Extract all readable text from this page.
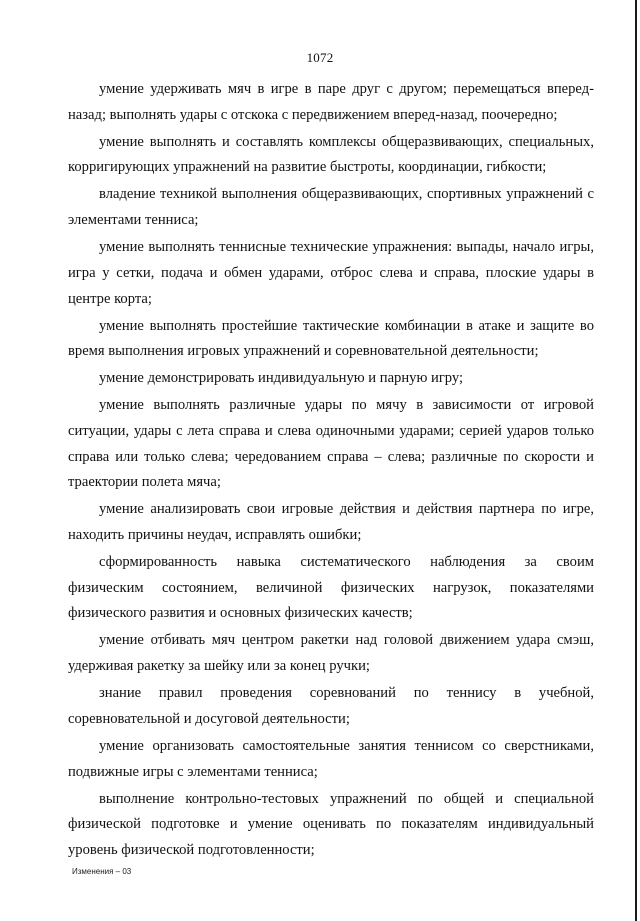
1072

умение удерживать мяч в игре в паре друг с другом; перемещаться вперед-назад; выполнять удары с отскока с передвижением вперед-назад, поочередно;

умение выполнять и составлять комплексы общеразвивающих, специальных, корригирующих упражнений на развитие быстроты, координации, гибкости;

владение техникой выполнения общеразвивающих, спортивных упражнений с элементами тенниса;

умение выполнять теннисные технические упражнения: выпады, начало игры, игра у сетки, подача и обмен ударами, отброс слева и справа, плоские удары в центре корта;

умение выполнять простейшие тактические комбинации в атаке и защите во время выполнения игровых упражнений и соревновательной деятельности;

умение демонстрировать индивидуальную и парную игру;

умение выполнять различные удары по мячу в зависимости от игровой ситуации, удары с лета справа и слева одиночными ударами; серией ударов только справа или только слева; чередованием справа – слева; различные по скорости и траектории полета мяча;

умение анализировать свои игровые действия и действия партнера по игре, находить причины неудач, исправлять ошибки;

сформированность навыка систематического наблюдения за своим физическим состоянием, величиной физических нагрузок, показателями физического развития и основных физических качеств;

умение отбивать мяч центром ракетки над головой движением удара смэш, удерживая ракетку за шейку или за конец ручки;

знание правил проведения соревнований по теннису в учебной, соревновательной и досуговой деятельности;

умение организовать самостоятельные занятия теннисом со сверстниками, подвижные игры с элементами тенниса;

выполнение контрольно-тестовых упражнений по общей и специальной физической подготовке и умение оценивать по показателям индивидуальный уровень физической подготовленности;

Изменения – 03
